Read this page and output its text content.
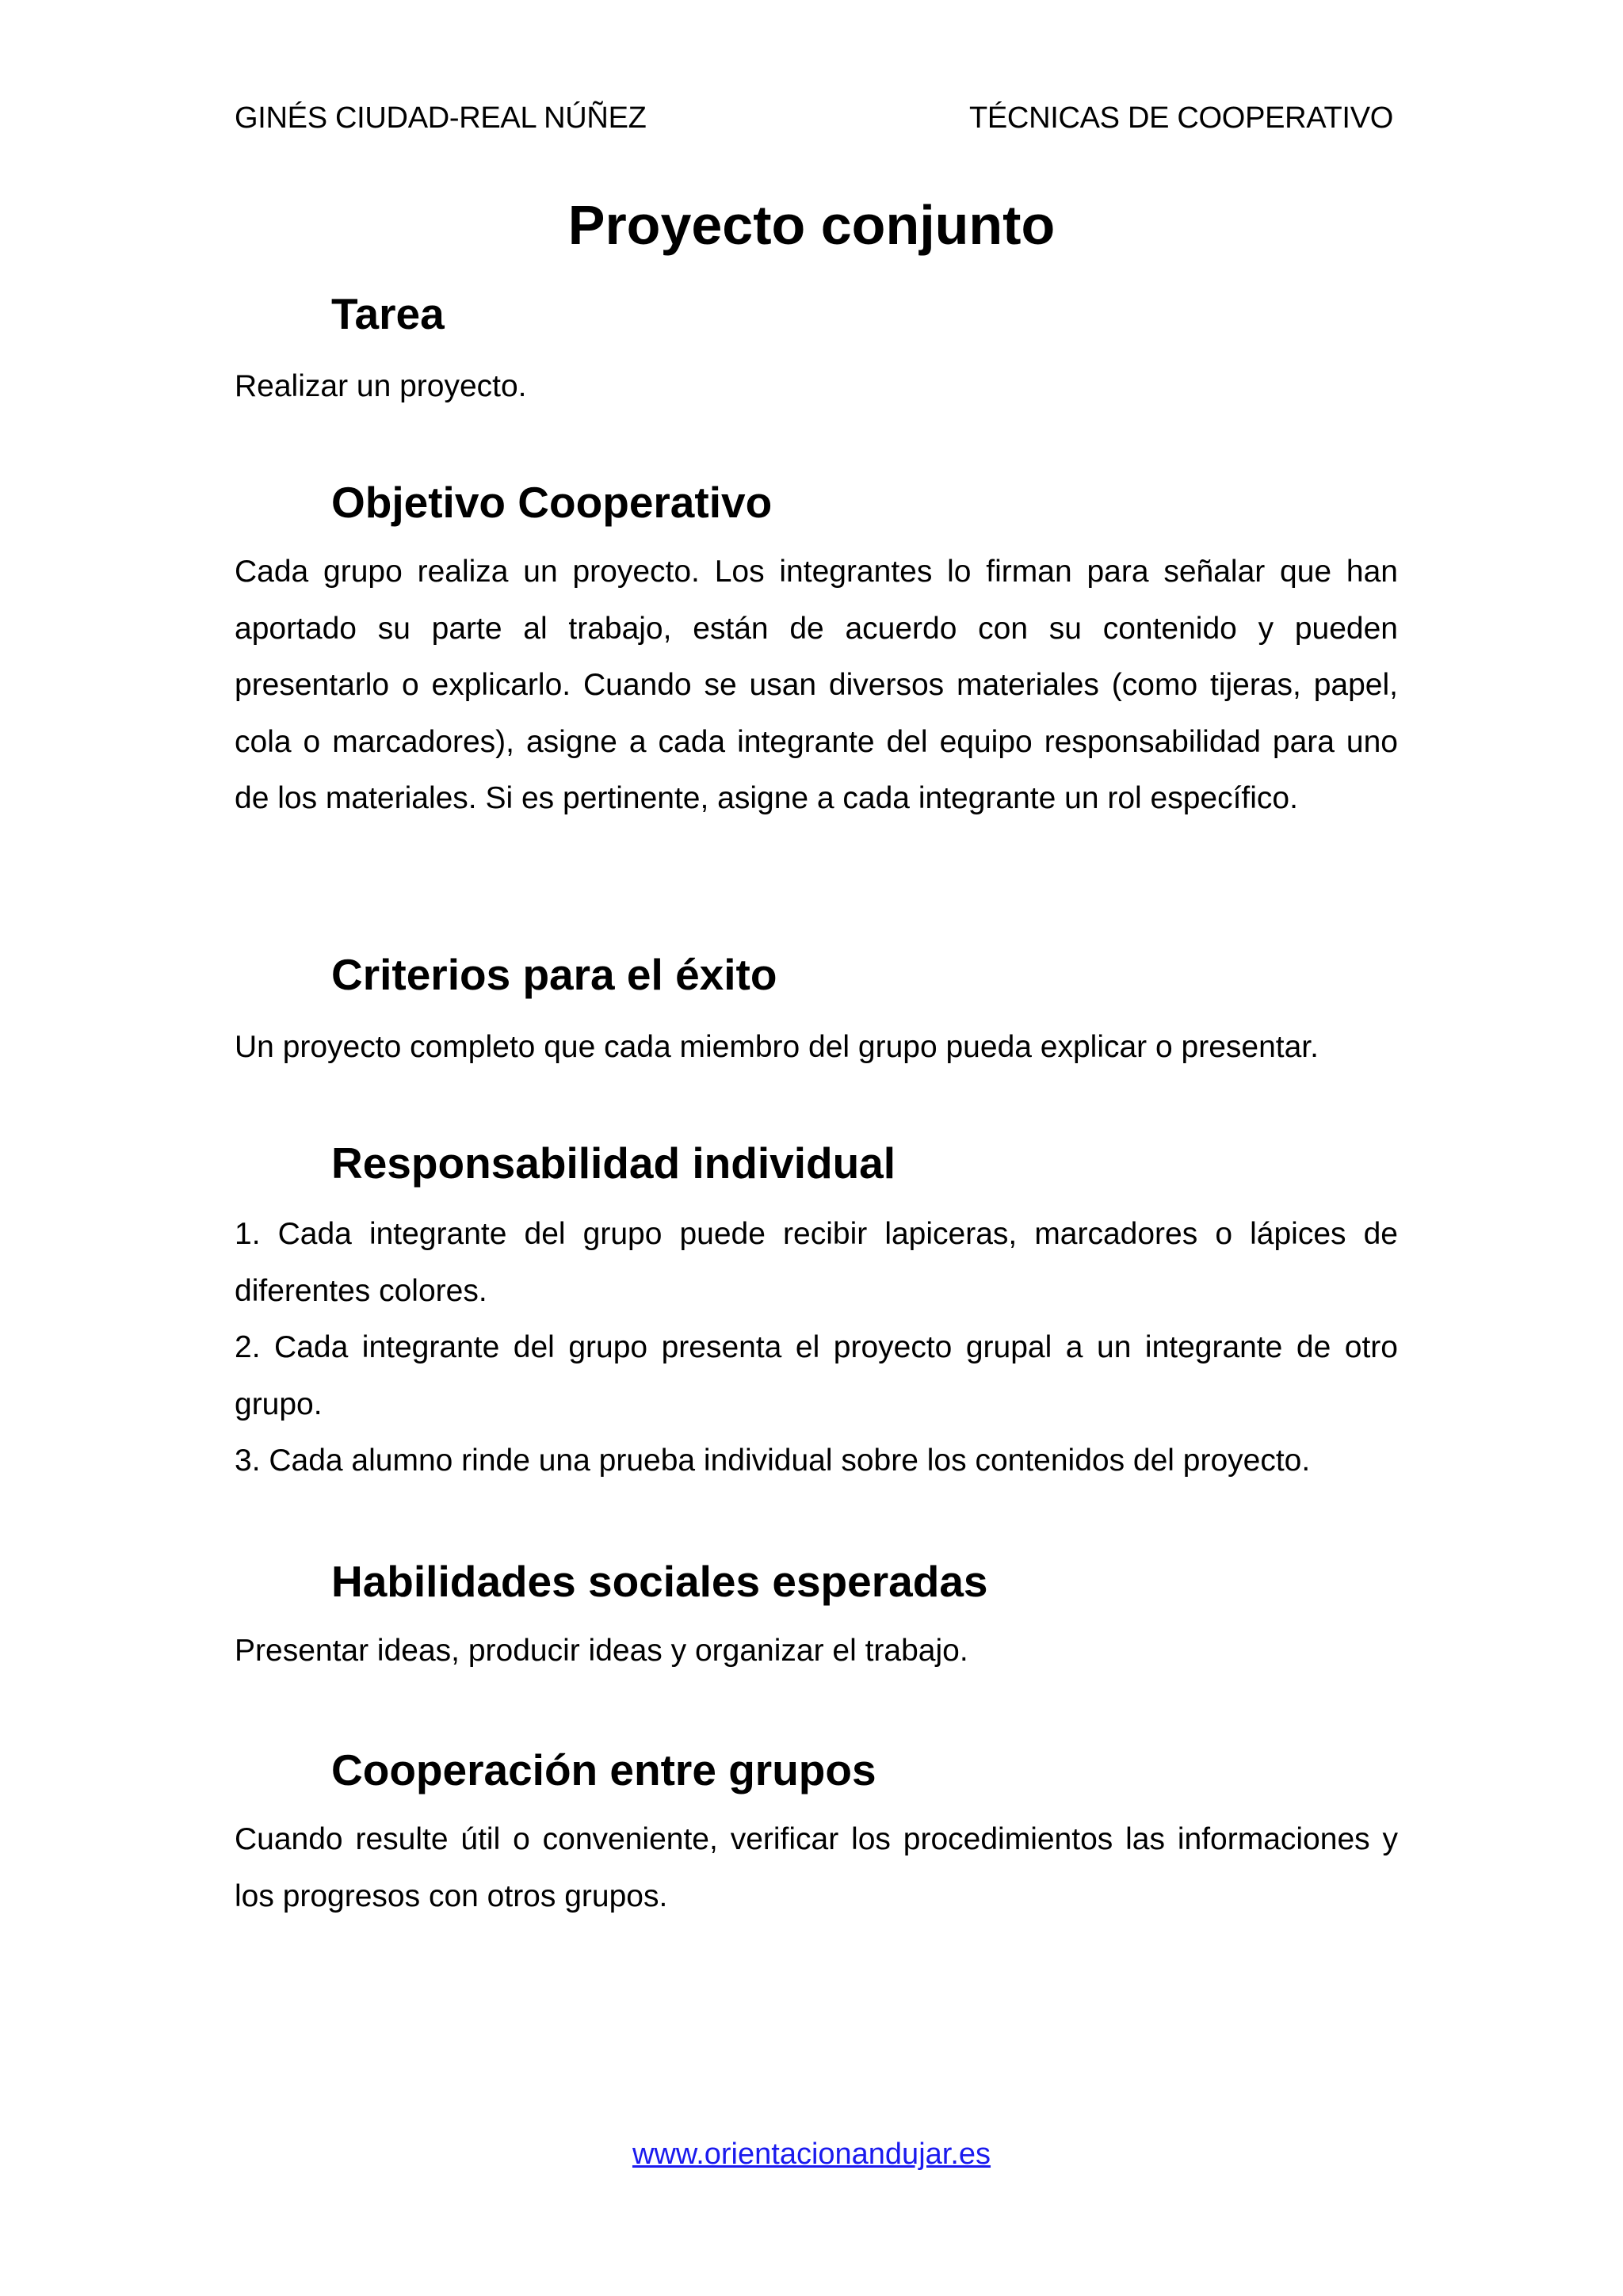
GINÉS CIUDAD-REAL NÚÑEZ	TÉCNICAS DE COOPERATIVO
Proyecto conjunto
Tarea

Realizar un proyecto.

Objetivo Cooperativo

Cada grupo realiza un proyecto. Los integrantes lo firman para señalar que han aportado su parte al trabajo, están de acuerdo con su contenido y pueden presentarlo o explicarlo. Cuando se usan diversos materiales (como tijeras, papel, cola o marcadores), asigne a cada integrante del equipo responsabilidad para uno de los materiales. Si es pertinente, asigne a cada integrante un rol específico.

Criterios para el éxito

Un proyecto completo que cada miembro del grupo pueda explicar o presentar.

Responsabilidad individual

1. Cada integrante del grupo puede recibir lapiceras, marcadores o lápices de diferentes colores.

2. Cada integrante del grupo presenta el proyecto grupal a un integrante de otro grupo.

3. Cada alumno rinde una prueba individual sobre los contenidos del proyecto.

Habilidades sociales esperadas

Presentar ideas, producir ideas y organizar el trabajo.

Cooperación entre grupos

Cuando resulte útil o conveniente, verificar los procedimientos las informaciones y los progresos con otros grupos.

www.orientacionandujar.es
